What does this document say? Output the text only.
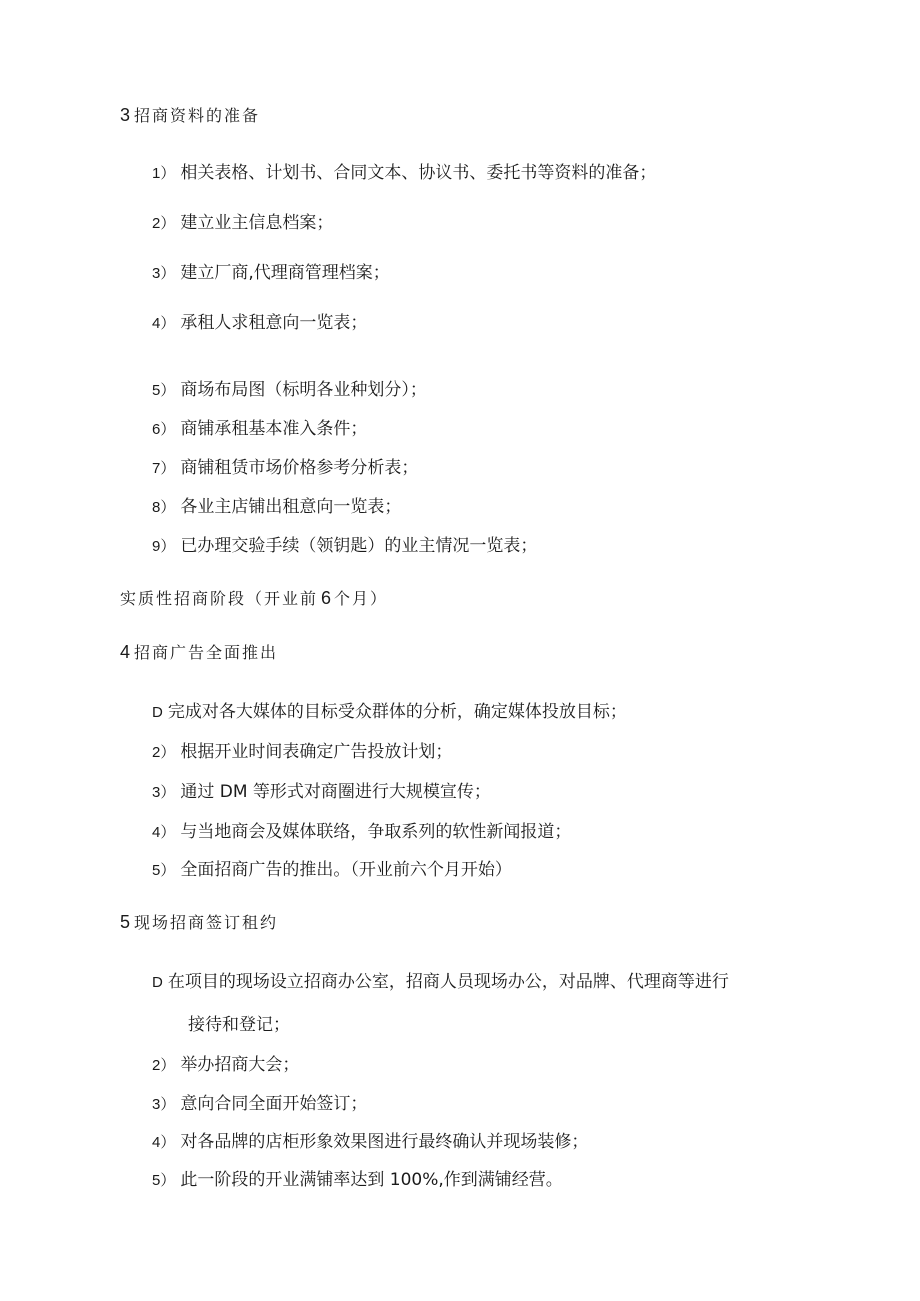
3 招商资料的准备
1） 相关表格、计划书、合同文本、协议书、委托书等资料的准备；
2） 建立业主信息档案；
3） 建立厂商,代理商管理档案；
4） 承租人求租意向一览表；
5） 商场布局图（标明各业种划分）；
6） 商铺承租基本准入条件；
7） 商铺租赁市场价格参考分析表；
8） 各业主店铺出租意向一览表；
9） 已办理交验手续（领钥匙）的业主情况一览表；
实质性招商阶段（开业前 6 个月）
4 招商广告全面推出
D 完成对各大媒体的目标受众群体的分析，确定媒体投放目标；
2） 根据开业时间表确定广告投放计划；
3） 通过 DM 等形式对商圈进行大规模宣传；
4） 与当地商会及媒体联络，争取系列的软性新闻报道；
5） 全面招商广告的推出。（开业前六个月开始）
5 现场招商签订租约
D 在项目的现场设立招商办公室，招商人员现场办公，对品牌、代理商等进行
接待和登记；
2） 举办招商大会；
3） 意向合同全面开始签订；
4） 对各品牌的店柜形象效果图进行最终确认并现场装修；
5） 此一阶段的开业满铺率达到 100%,作到满铺经营。
